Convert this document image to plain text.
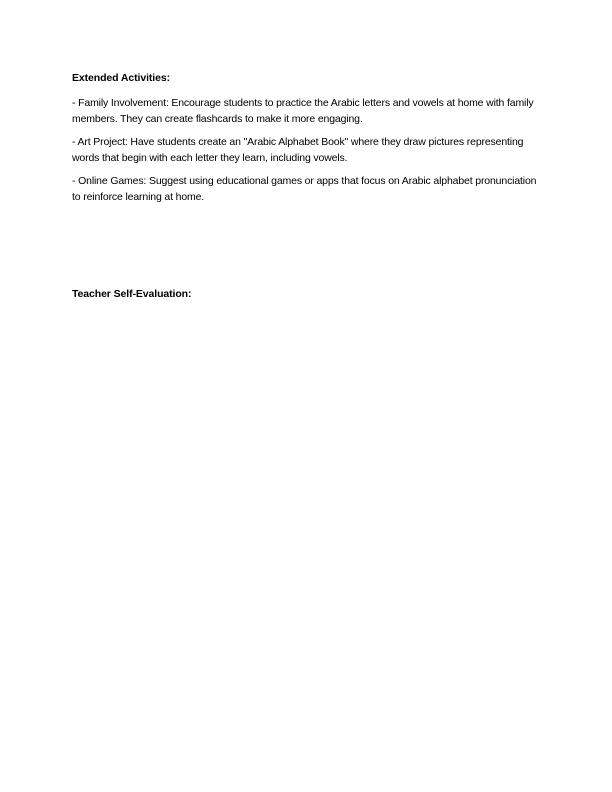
Extended Activities:

- Family Involvement: Encourage students to practice the Arabic letters and vowels at home with family members. They can create flashcards to make it more engaging.

- Art Project: Have students create an "Arabic Alphabet Book" where they draw pictures representing words that begin with each letter they learn, including vowels.

- Online Games: Suggest using educational games or apps that focus on Arabic alphabet pronunciation to reinforce learning at home.

Teacher Self-Evaluation:
